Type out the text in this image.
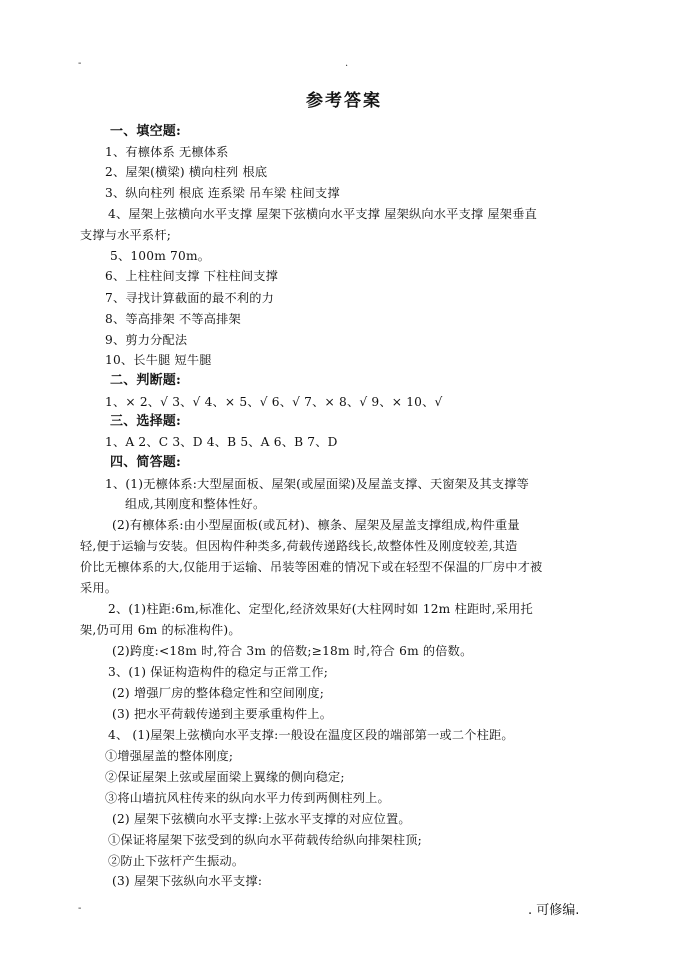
-	.
参考答案
一、填空题:
1、有檩体系 无檩体系
2、屋架(横梁) 横向柱列 根底
3、纵向柱列 根底 连系梁 吊车梁 柱间支撑
4、屋架上弦横向水平支撑 屋架下弦横向水平支撑 屋架纵向水平支撑 屋架垂直
支撑与水平系杆;
5、100m 70m。
6、上柱柱间支撑 下柱柱间支撑
7、寻找计算截面的最不利的力
8、等高排架 不等高排架
9、剪力分配法
10、长牛腿 短牛腿
二、判断题:
1、× 2、√ 3、√ 4、× 5、√ 6、√ 7、× 8、√ 9、× 10、√
三、选择题:
1、A 2、C 3、D 4、B 5、A 6、B 7、D
四、简答题:
1、(1)无檩体系:大型屋面板、屋架(或屋面梁)及屋盖支撑、天窗架及其支撑等
组成,其刚度和整体性好。
(2)有檩体系:由小型屋面板(或瓦材)、檩条、屋架及屋盖支撑组成,构件重量
轻,便于运输与安装。但因构件种类多,荷载传递路线长,故整体性及刚度较差,其造
价比无檩体系的大,仅能用于运输、吊装等困难的情况下或在轻型不保温的厂房中才被
采用。
2、(1)柱距:6m,标准化、定型化,经济效果好(大柱网时如 12m 柱距时,采用托
架,仍可用 6m 的标准构件)。
(2)跨度:<18m 时,符合 3m 的倍数;≥18m 时,符合 6m 的倍数。
3、(1) 保证构造构件的稳定与正常工作;
(2) 增强厂房的整体稳定性和空间刚度;
(3) 把水平荷载传递到主要承重构件上。
4、 (1)屋架上弦横向水平支撑:一般设在温度区段的端部第一或二个柱距。
①增强屋盖的整体刚度;
②保证屋架上弦或屋面梁上翼缘的侧向稳定;
③将山墙抗风柱传来的纵向水平力传到两侧柱列上。
(2) 屋架下弦横向水平支撑:上弦水平支撑的对应位置。
①保证将屋架下弦受到的纵向水平荷载传给纵向排架柱顶;
②防止下弦杆产生振动。
(3) 屋架下弦纵向水平支撑:
-	. 可修编.
